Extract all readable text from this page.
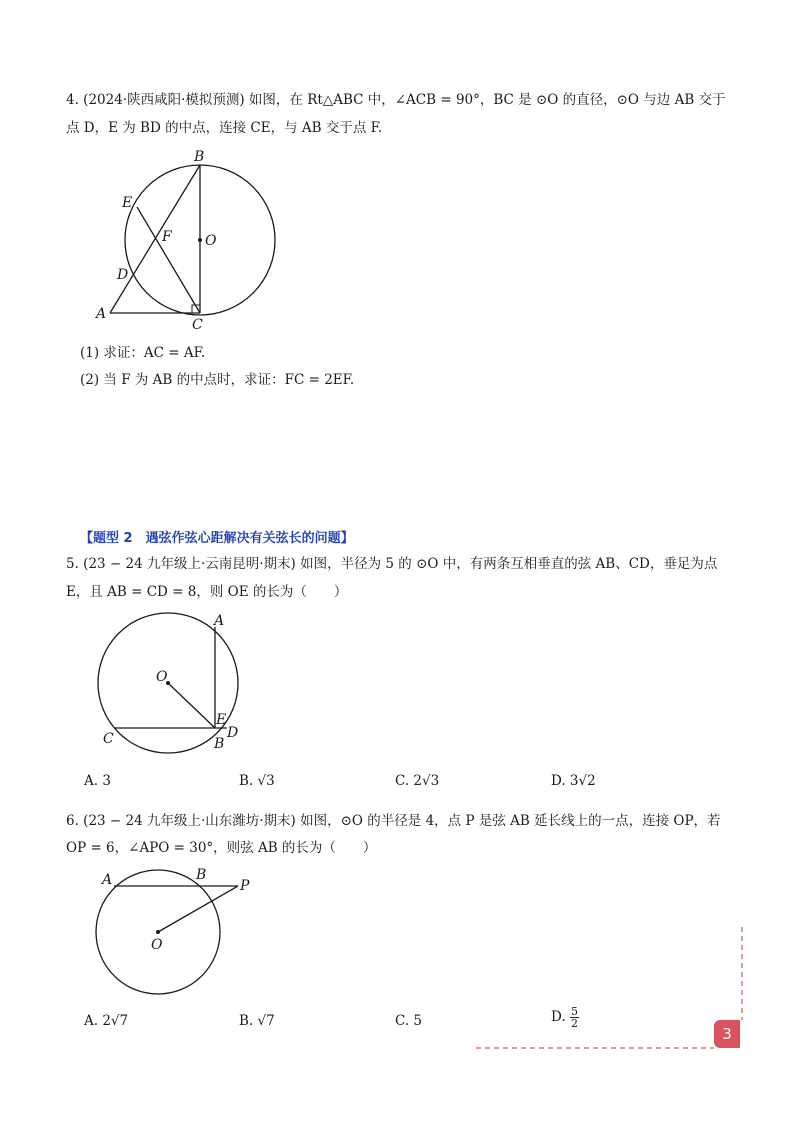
4. (2024·陕西咸阳·模拟预测) 如图，在 Rt△ABC 中，∠ACB = 90°，BC 是 ⊙O 的直径，⊙O 与边 AB 交于
点 D，E 为 BD 的中点，连接 CE，与 AB 交于点 F.
B
E
F O
D
A
C
(1) 求证：AC = AF.
(2) 当 F 为 AB 的中点时，求证：FC = 2EF.
【题型 2　遇弦作弦心距解决有关弦长的问题】
5. (23 − 24 九年级上·云南昆明·期末) 如图，半径为 5 的 ⊙O 中，有两条互相垂直的弦 AB、CD，垂足为点
E，且 AB = CD = 8，则 OE 的长为（　　）
A
O
E
D
C	B
A. 3	B. √3	C. 2√3	D. 3√2
6. (23 − 24 九年级上·山东潍坊·期末) 如图，⊙O 的半径是 4，点 P 是弦 AB 延长线上的一点，连接 OP，若
OP = 6，∠APO = 30°，则弦 AB 的长为（　　）
A	B
P
O
A. 2√7	B. √7	C. 5	D. $\frac{5}{2}$
3
